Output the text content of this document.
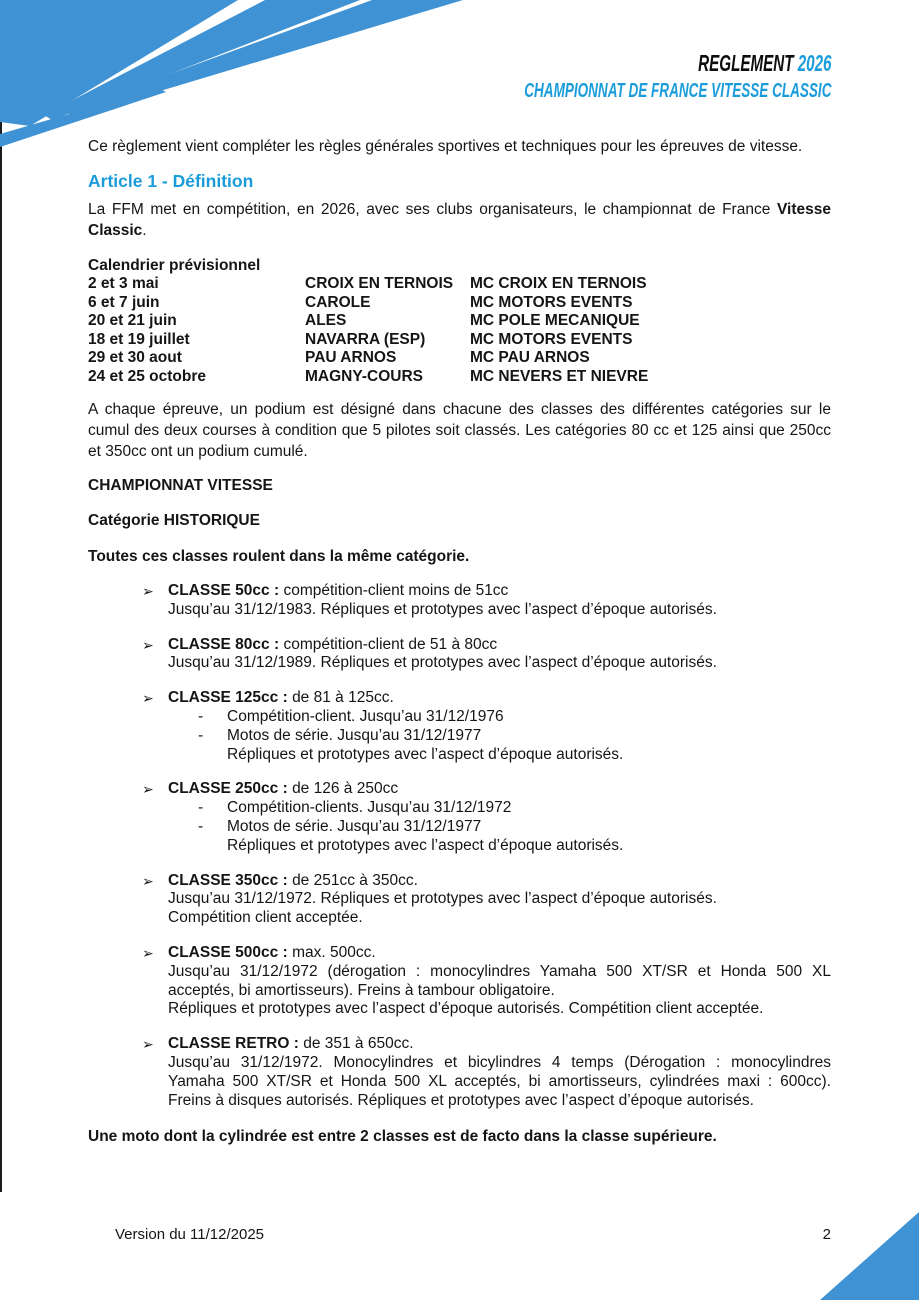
REGLEMENT 2026
CHAMPIONNAT DE FRANCE VITESSE CLASSIC

Ce règlement vient compléter les règles générales sportives et techniques pour les épreuves de vitesse.

Article 1 - Définition

La FFM met en compétition, en 2026, avec ses clubs organisateurs, le championnat de France Vitesse Classic.

Calendrier prévisionnel

2 et 3 mai	CROIX EN TERNOIS	MC CROIX EN TERNOIS
6 et 7 juin	CAROLE	MC MOTORS EVENTS
20 et 21 juin	ALES	MC POLE MECANIQUE
18 et 19 juillet	NAVARRA (ESP)	MC MOTORS EVENTS
29 et 30 aout	PAU ARNOS	MC PAU ARNOS
24 et 25 octobre	MAGNY-COURS	MC NEVERS ET NIEVRE

A chaque épreuve, un podium est désigné dans chacune des classes des différentes catégories sur le cumul des deux courses à condition que 5 pilotes soit classés. Les catégories 80 cc et 125 ainsi que 250cc et 350cc ont un podium cumulé.

CHAMPIONNAT VITESSE

Catégorie HISTORIQUE

Toutes ces classes roulent dans la même catégorie.

➢ CLASSE 50cc : compétition-client moins de 51cc

Jusqu’au 31/12/1983. Répliques et prototypes avec l’aspect d’époque autorisés.

➢ CLASSE 80cc : compétition-client de 51 à 80cc

Jusqu’au 31/12/1989. Répliques et prototypes avec l’aspect d’époque autorisés.

➢ CLASSE 125cc : de 81 à 125cc.

- Compétition-client. Jusqu’au 31/12/1976

- Motos de série. Jusqu’au 31/12/1977

Répliques et prototypes avec l’aspect d’époque autorisés.

➢ CLASSE 250cc : de 126 à 250cc

- Compétition-clients. Jusqu’au 31/12/1972

- Motos de série. Jusqu’au 31/12/1977

Répliques et prototypes avec l’aspect d’époque autorisés.

➢ CLASSE 350cc : de 251cc à 350cc.

Jusqu’au 31/12/1972. Répliques et prototypes avec l’aspect d’époque autorisés.

Compétition client acceptée.

➢ CLASSE 500cc : max. 500cc.

Jusqu’au 31/12/1972 (dérogation : monocylindres Yamaha 500 XT/SR et Honda 500 XL acceptés, bi amortisseurs). Freins à tambour obligatoire.

Répliques et prototypes avec l’aspect d’époque autorisés. Compétition client acceptée.

➢ CLASSE RETRO : de 351 à 650cc.

Jusqu’au 31/12/1972. Monocylindres et bicylindres 4 temps (Dérogation : monocylindres Yamaha 500 XT/SR et Honda 500 XL acceptés, bi amortisseurs, cylindrées maxi : 600cc). Freins à disques autorisés. Répliques et prototypes avec l’aspect d’époque autorisés.

Une moto dont la cylindrée est entre 2 classes est de facto dans la classe supérieure.

Version du 11/12/2025	2
